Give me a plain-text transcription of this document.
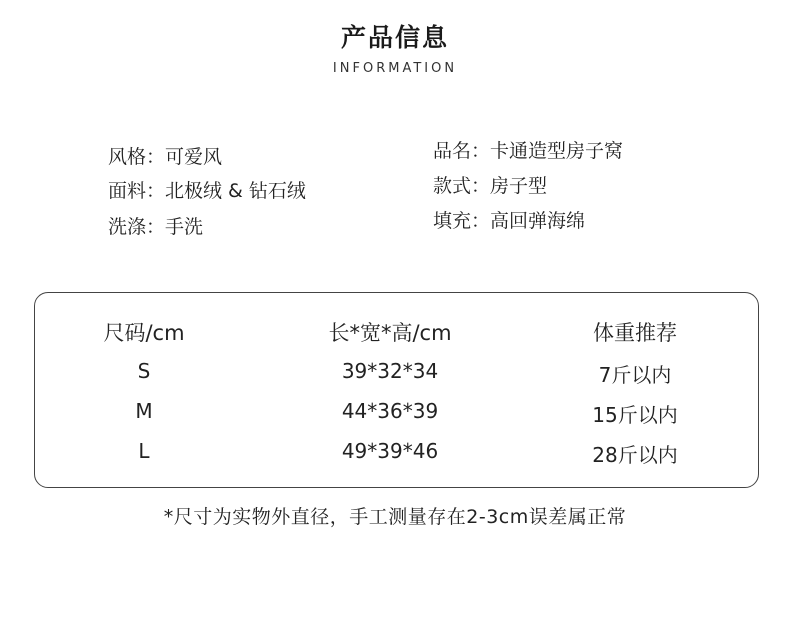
产品信息
INFORMATION
风格：可爱风
面料：北极绒 & 钻石绒
洗涤：手洗
品名：卡通造型房子窝
款式：房子型
填充：高回弹海绵
尺码/cm	长*宽*高/cm	体重推荐
S	39*32*34	7斤以内
M	44*36*39	15斤以内
L	49*39*46	28斤以内
*尺寸为实物外直径，手工测量存在2-3cm误差属正常
